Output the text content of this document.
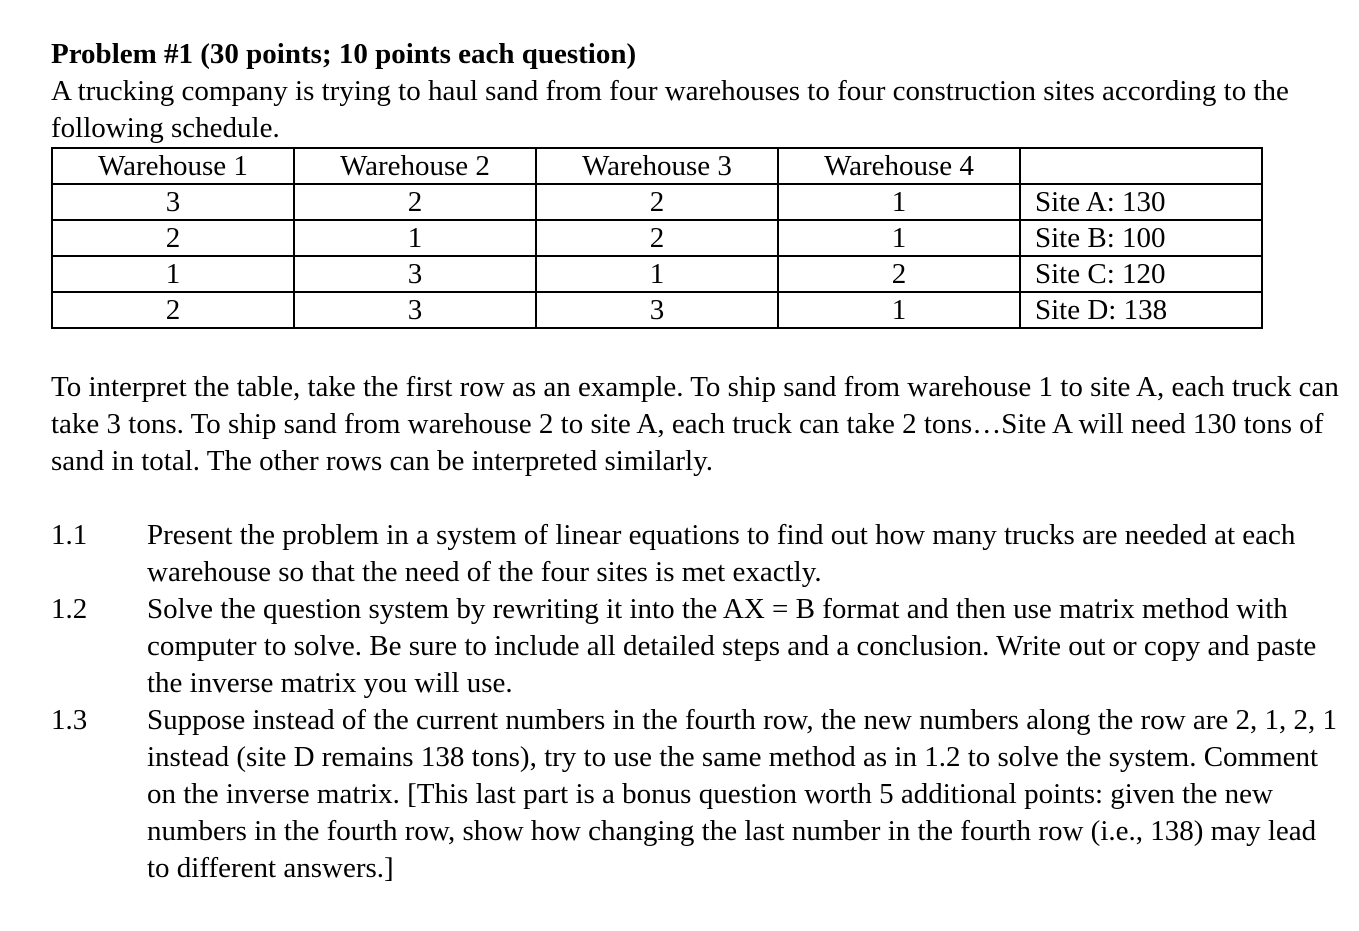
Problem #1 (30 points; 10 points each question)

A trucking company is trying to haul sand from four warehouses to four construction sites according to the following schedule.

Warehouse 1	Warehouse 2	Warehouse 3	Warehouse 4	
3	2	2	1	Site A: 130
2	1	2	1	Site B: 100
1	3	1	2	Site C: 120
2	3	3	1	Site D: 138

To interpret the table, take the first row as an example. To ship sand from warehouse 1 to site A, each truck can take 3 tons. To ship sand from warehouse 2 to site A, each truck can take 2 tons…Site A will need 130 tons of sand in total. The other rows can be interpreted similarly.

1.1	Present the problem in a system of linear equations to find out how many trucks are needed at each warehouse so that the need of the four sites is met exactly.
1.2	Solve the question system by rewriting it into the AX = B format and then use matrix method with computer to solve. Be sure to include all detailed steps and a conclusion. Write out or copy and paste the inverse matrix you will use.
1.3	Suppose instead of the current numbers in the fourth row, the new numbers along the row are 2, 1, 2, 1 instead (site D remains 138 tons), try to use the same method as in 1.2 to solve the system. Comment on the inverse matrix. [This last part is a bonus question worth 5 additional points: given the new numbers in the fourth row, show how changing the last number in the fourth row (i.e., 138) may lead to different answers.]
